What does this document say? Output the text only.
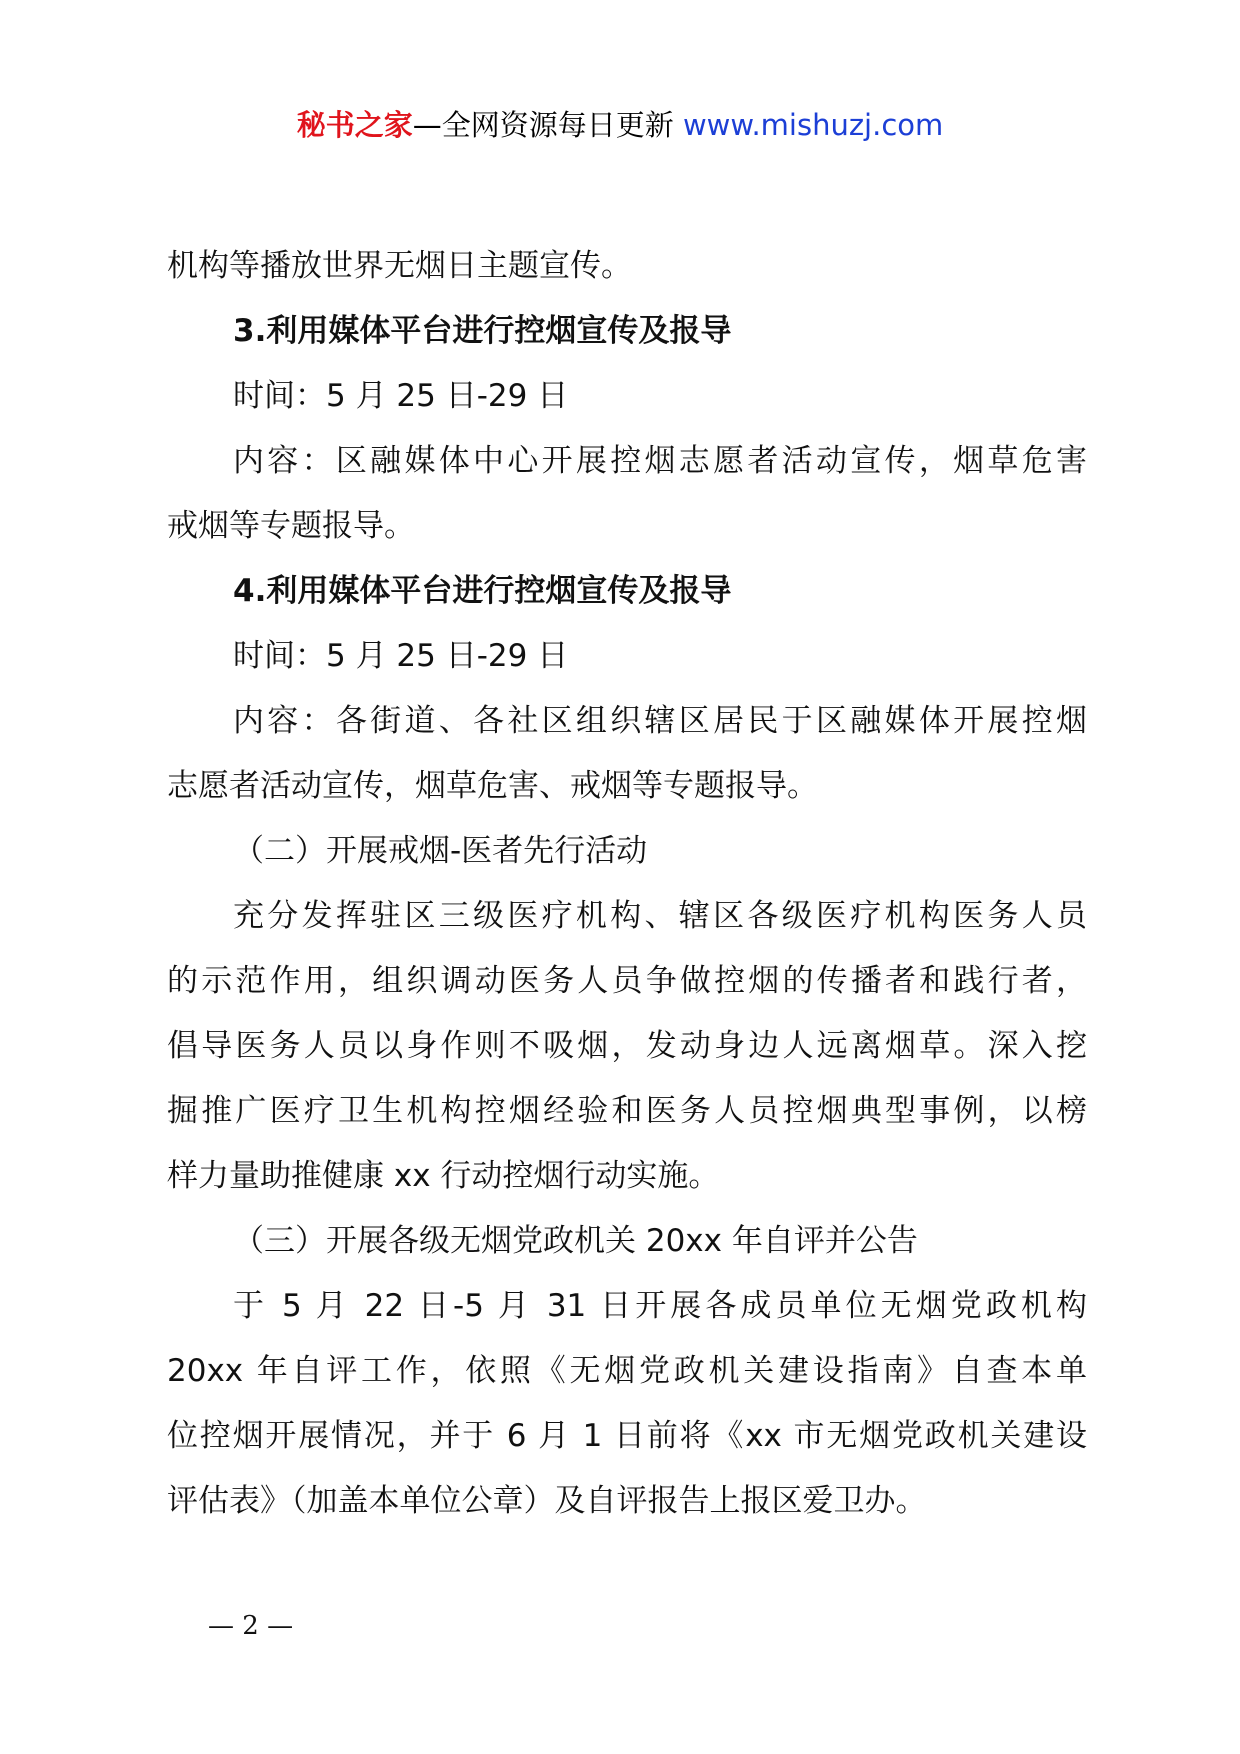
秘书之家—全网资源每日更新 www.mishuzj.com
机构等播放世界无烟日主题宣传。
3.利用媒体平台进行控烟宣传及报导
时间：5 月 25 日-29 日
内容：区融媒体中心开展控烟志愿者活动宣传，烟草危害
戒烟等专题报导。
4.利用媒体平台进行控烟宣传及报导
时间：5 月 25 日-29 日
内容：各街道、各社区组织辖区居民于区融媒体开展控烟
志愿者活动宣传，烟草危害、戒烟等专题报导。
（二）开展戒烟-医者先行活动
充分发挥驻区三级医疗机构、辖区各级医疗机构医务人员
的示范作用，组织调动医务人员争做控烟的传播者和践行者，
倡导医务人员以身作则不吸烟，发动身边人远离烟草。深入挖
掘推广医疗卫生机构控烟经验和医务人员控烟典型事例，以榜
样力量助推健康 xx 行动控烟行动实施。
（三）开展各级无烟党政机关 20xx 年自评并公告
于 5 月 22 日-5 月 31 日开展各成员单位无烟党政机构
20xx 年自评工作，依照《无烟党政机关建设指南》自查本单
位控烟开展情况，并于 6 月 1 日前将《xx 市无烟党政机关建设
评估表》（加盖本单位公章）及自评报告上报区爱卫办。
— 2 —
